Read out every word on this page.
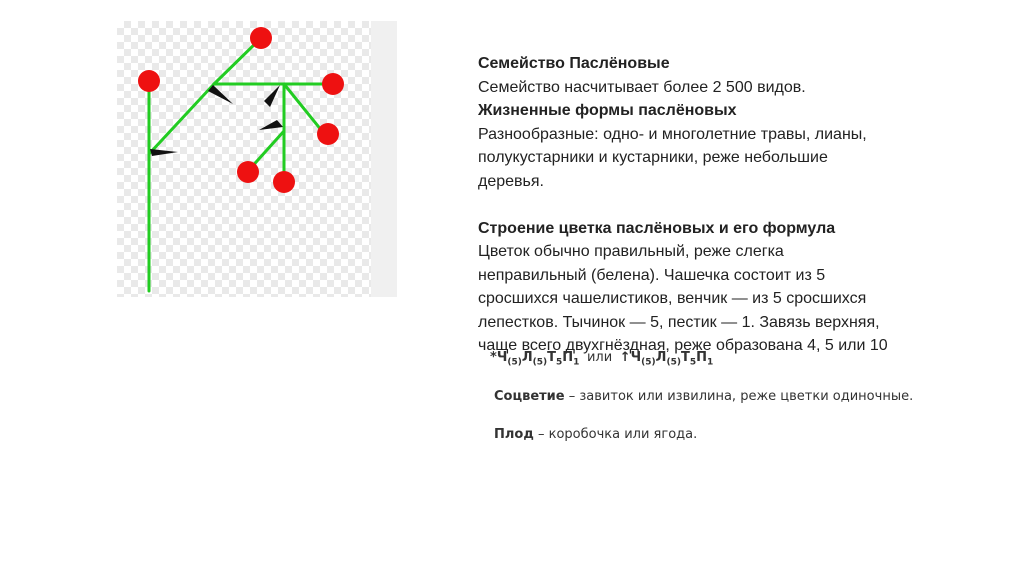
Семейство Паслёновые

Семейство насчитывает более 2 500 видов.

Жизненные формы паслёновых

Разнообразные: одно- и многолетние травы, лианы,

полукустарники и кустарники, реже небольшие

деревья.

Строение цветка паслёновых и его формула

Цветок обычно правильный, реже слегка

неправильный (белена). Чашечка состоит из 5

сросшихся чашелистиков, венчик — из 5 сросшихся

лепестков. Тычинок — 5, пестик — 1. Завязь верхняя,

чаще всего двухгнёздная, реже образована 4, 5 или 10

$*Ч_{(5)}Л_{(5)}Т_5П_1$ или $↑Ч_{(5)}Л_{(5)}Т_5П_1$
Соцветие – завиток или извилина, реже цветки одиночные.
Плод – коробочка или ягода.
